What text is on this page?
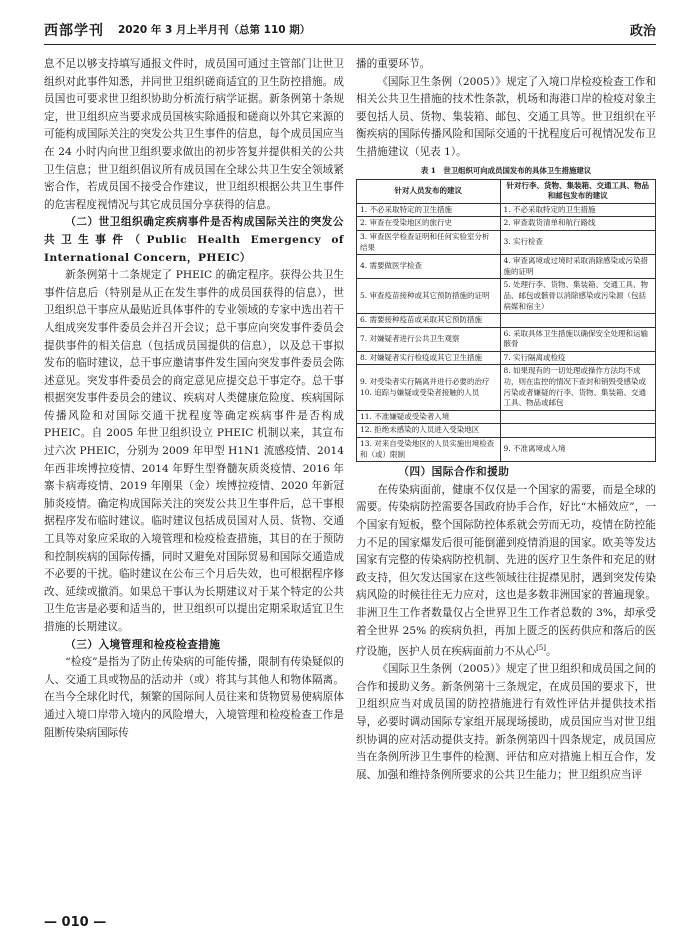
西部学刊 2020 年 3 月上半月刊（总第 110 期）	政治

息不足以够支持填写通报文件时，成员国可通过主管部门让世卫组织对此事件知悉，并同世卫组织磋商适宜的卫生防控措施。成员国也可要求世卫组织协助分析流行病学证据。新条例第十条规定，世卫组织应当要求成员国核实除通报和磋商以外其它来源的可能构成国际关注的突发公共卫生事件的信息，每个成员国应当在 24 小时内向世卫组织要求做出的初步答复并提供相关的公共卫生信息；世卫组织倡议所有成员国在全球公共卫生安全领域紧密合作，若成员国不接受合作建议，世卫组织根据公共卫生事件的危害程度视情况与其它成员国分享获得的信息。

（二）世卫组织确定疾病事件是否构成国际关注的突发公共卫生事件（Public Health Emergency of International Concern，PHEIC）

新条例第十二条规定了 PHEIC 的确定程序。获得公共卫生事件信息后（特别是从正在发生事件的成员国获得的信息），世卫组织总干事应从最贴近具体事件的专业领域的专家中选出若干人组成突发事件委员会并召开会议；总干事应向突发事件委员会提供事件的相关信息（包括成员国提供的信息），以及总干事拟发布的临时建议，总干事应邀请事件发生国向突发事件委员会陈述意见。突发事件委员会的商定意见应提交总干事定夺。总干事根据突发事件委员会的建议、疾病对人类健康危险度、疾病国际传播风险和对国际交通干扰程度等确定疾病事件是否构成 PHEIC。自 2005 年世卫组织设立 PHEIC 机制以来，其宣布过六次 PHEIC，分别为 2009 年甲型 H1N1 流感疫情、2014 年西非埃博拉疫情、2014 年野生型脊髓灰质炎疫情、2016 年寨卡病毒疫情、2019 年刚果（金）埃博拉疫情、2020 年新冠肺炎疫情。确定构成国际关注的突发公共卫生事件后，总干事根据程序发布临时建议。临时建议包括成员国对人员、货物、交通工具等对象应采取的入境管理和检疫检查措施，其目的在于预防和控制疾病的国际传播，同时又避免对国际贸易和国际交通造成不必要的干扰。临时建议在公布三个月后失效，也可根据程序修改、延续或撤消。如果总干事认为长期建议对于某个特定的公共卫生危害是必要和适当的，世卫组织可以提出定期采取适宜卫生措施的长期建议。

（三）入境管理和检疫检查措施

“检疫”是指为了防止传染病的可能传播，限制有传染疑似的人、交通工具或物品的活动并（或）将其与其他人和物体隔离。在当今全球化时代，频繁的国际间人员往来和货物贸易使病原体通过入境口岸带入境内的风险增大，入境管理和检疫检查工作是阻断传染病国际传

播的重要环节。

《国际卫生条例（2005）》规定了入境口岸检疫检查工作和相关公共卫生措施的技术性条款，机场和海港口岸的检疫对象主要包括人员、货物、集装箱、邮包、交通工具等。世卫组织在平衡疾病的国际传播风险和国际交通的干扰程度后可视情况发布卫生措施建议（见表 1）。

表 1　世卫组织可向成员国发布的具体卫生措施建议
针对人员发布的建议	针对行李、货物、集装箱、交通工具、物品和邮包发布的建议
1. 不必采取特定的卫生措施	1. 不必采取特定的卫生措施
2. 审查在受染地区的旅行史	2. 审查载货清单和航行路线
3. 审查医学检查证明和任何实验室分析结果	3. 实行检查
4. 需要做医学检查	4. 审查离境或过境时采取消除感染或污染措施的证明
5. 审查疫苗接种或其它预防措施的证明	5. 处理行李、货物、集装箱、交通工具、物品、邮包或骸骨以消除感染或污染源（包括病媒和宿主）
6. 需要接种疫苗或采取其它预防措施	
7. 对嫌疑者进行公共卫生观察	6. 采取具体卫生措施以确保安全处理和运输骸骨
8. 对嫌疑者实行检疫或其它卫生措施	7. 实行隔离或检疫
9. 对受染者实行隔离并进行必要的治疗
10. 追踪与嫌疑或受染者接触的人员	8. 如果现有的一切处理或操作方法均不成功，则在监控的情况下查封和销毁受感染或污染或者嫌疑的行李、货物、集装箱、交通工具、物品或邮包
11. 不准嫌疑或受染者入境	
12. 拒绝未感染的人员进入受染地区	
13. 对来自受染地区的人员实施出境检查和（或）限制	9. 不准离境或入境

（四）国际合作和援助

在传染病面前，健康不仅仅是一个国家的需要，而是全球的需要。传染病防控需要各国政府协手合作，好比“木桶效应”，一个国家有短板，整个国际防控体系就会劳而无功，疫情在防控能力不足的国家爆发后很可能倒灌到疫情消退的国家。欧美等发达国家有完整的传染病防控机制、先进的医疗卫生条件和充足的财政支持，但欠发达国家在这些领域往往捉襟见肘，遇到突发传染病风险的时候往往无力应对，这也是多数非洲国家的普遍现象。非洲卫生工作者数量仅占全世界卫生工作者总数的 3%，却承受着全世界 25% 的疾病负担，再加上匮乏的医药供应和落后的医疗设施，医护人员在疾病面前力不从心[5]。

《国际卫生条例（2005）》规定了世卫组织和成员国之间的合作和援助义务。新条例第十三条规定，在成员国的要求下，世卫组织应当对成员国的防控措施进行有效性评估并提供技术指导，必要时调动国际专家组开展现场援助，成员国应当对世卫组织协调的应对活动提供支持。新条例第四十四条规定，成员国应当在条例所涉卫生事件的检测、评估和应对措施上相互合作，发展、加强和维持条例所要求的公共卫生能力；世卫组织应当评

— 010 —
